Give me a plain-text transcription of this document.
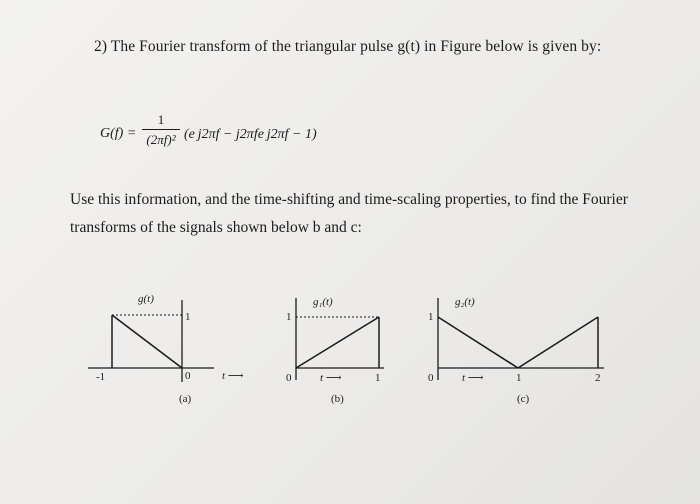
2) The Fourier transform of the triangular pulse g(t) in Figure below is given by:
$G(f) = \frac{1}{\text{(2πf)²}} (e$ j2πf − j2πfe j2πf − 1)
Use this information, and the time-shifting and time-scaling properties, to find the Fourier transforms of the signals shown below b and c:
g(t)
1
-1	0	t ⟶
(a)
g₁(t)
1
0	t ⟶	1
(b)
g₂(t)
1
0	t ⟶	1	2
(c)
